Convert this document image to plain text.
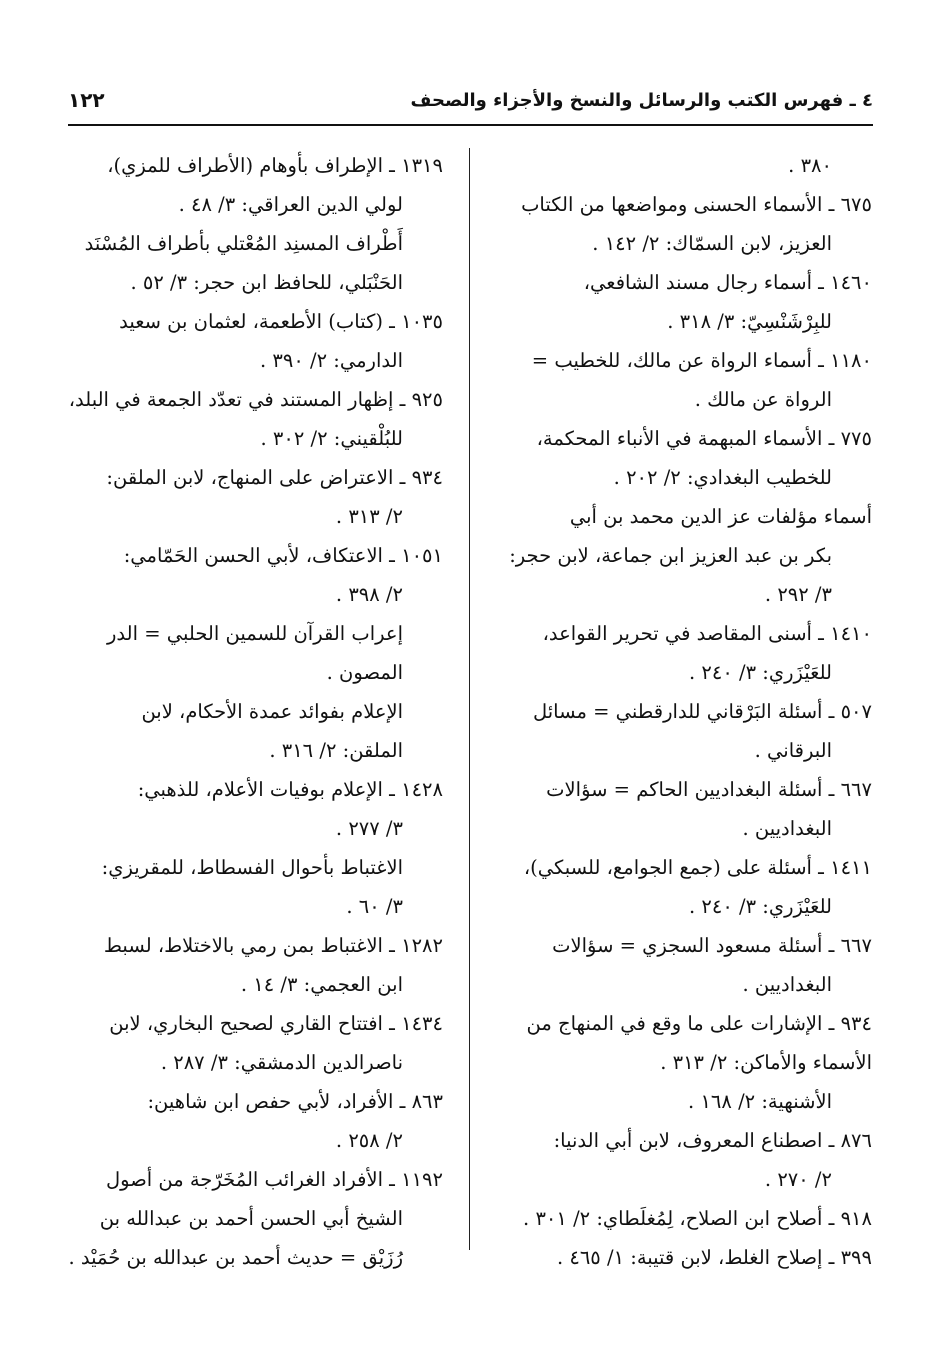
٤ ـ فهرس الكتب والرسائل والنسخ والأجزاء والصحف
١٢٢
٣٨٠ .
٦٧٥ ـ الأسماء الحسنى ومواضعها من الكتاب
العزيز، لابن السمّاك: ٢/ ١٤٢ .
١٤٦٠ ـ أسماء رجال مسند الشافعي،
للبِرْشَنْسِيّ: ٣/ ٣١٨ .
١١٨٠ ـ أسماء الرواة عن مالك، للخطيب =
الرواة عن مالك .
٧٧٥ ـ الأسماء المبهمة في الأنباء المحكمة،
للخطيب البغدادي: ٢/ ٢٠٢ .
أسماء مؤلفات عز الدين محمد بن أبي
بكر بن عبد العزيز ابن جماعة، لابن حجر:
٣/ ٢٩٢ .
١٤١٠ ـ أسنى المقاصد في تحرير القواعد،
للعَيْزَري: ٣/ ٢٤٠ .
٥٠٧ ـ أسئلة البَرْقاني للدارقطني = مسائل
البرقاني .
٦٦٧ ـ أسئلة البغداديين الحاكم = سؤالات
البغداديين .
١٤١١ ـ أسئلة على (جمع الجوامع، للسبكي)،
للعَيْزَري: ٣/ ٢٤٠ .
٦٦٧ ـ أسئلة مسعود السجزي = سؤالات
البغداديين .
٩٣٤ ـ الإشارات على ما وقع في المنهاج من
الأسماء والأماكن: ٢/ ٣١٣ .
الأشنهية: ٢/ ١٦٨ .
٨٧٦ ـ اصطناع المعروف، لابن أبي الدنيا:
٢/ ٢٧٠ .
٩١٨ ـ أصلاح ابن الصلاح، لِمُغلَطاي: ٢/ ٣٠١ .
٣٩٩ ـ إصلاح الغلط، لابن قتيبة: ١/ ٤٦٥ .
١٣١٩ ـ الإطراف بأوهام (الأطراف للمزي)،
لولي الدين العراقي: ٣/ ٤٨ .
أَطْراف المسنِد المُعْتلي بأطراف المُسْنَد
الحَنْبَلي، للحافظ ابن حجر: ٣/ ٥٢ .
١٠٣٥ ـ (كتاب) الأطعمة، لعثمان بن سعيد
الدارمي: ٢/ ٣٩٠ .
٩٢٥ ـ إظهار المستند في تعدّد الجمعة في البلد،
للبُلْقيني: ٢/ ٣٠٢ .
٩٣٤ ـ الاعتراض على المنهاج، لابن الملقن:
٢/ ٣١٣ .
١٠٥١ ـ الاعتكاف، لأبي الحسن الحَمّامي:
٢/ ٣٩٨ .
إعراب القرآن للسمين الحلبي = الدر
المصون .
الإعلام بفوائد عمدة الأحكام، لابن
الملقن: ٢/ ٣١٦ .
١٤٢٨ ـ الإعلام بوفيات الأعلام، للذهبي:
٣/ ٢٧٧ .
الاغتباط بأحوال الفسطاط، للمقريزي:
٣/ ٦٠ .
١٢٨٢ ـ الاغتباط بمن رمي بالاختلاط، لسبط
ابن العجمي: ٣/ ١٤ .
١٤٣٤ ـ افتتاح القاري لصحيح البخاري، لابن
ناصرالدين الدمشقي: ٣/ ٢٨٧ .
٨٦٣ ـ الأفراد، لأبي حفص ابن شاهين:
٢/ ٢٥٨ .
١١٩٢ ـ الأفراد الغرائب المُخَرّجة من أصول
الشيخ أبي الحسن أحمد بن عبدالله بن
رُزَيْق = حديث أحمد بن عبدالله بن حُمَيْد .
